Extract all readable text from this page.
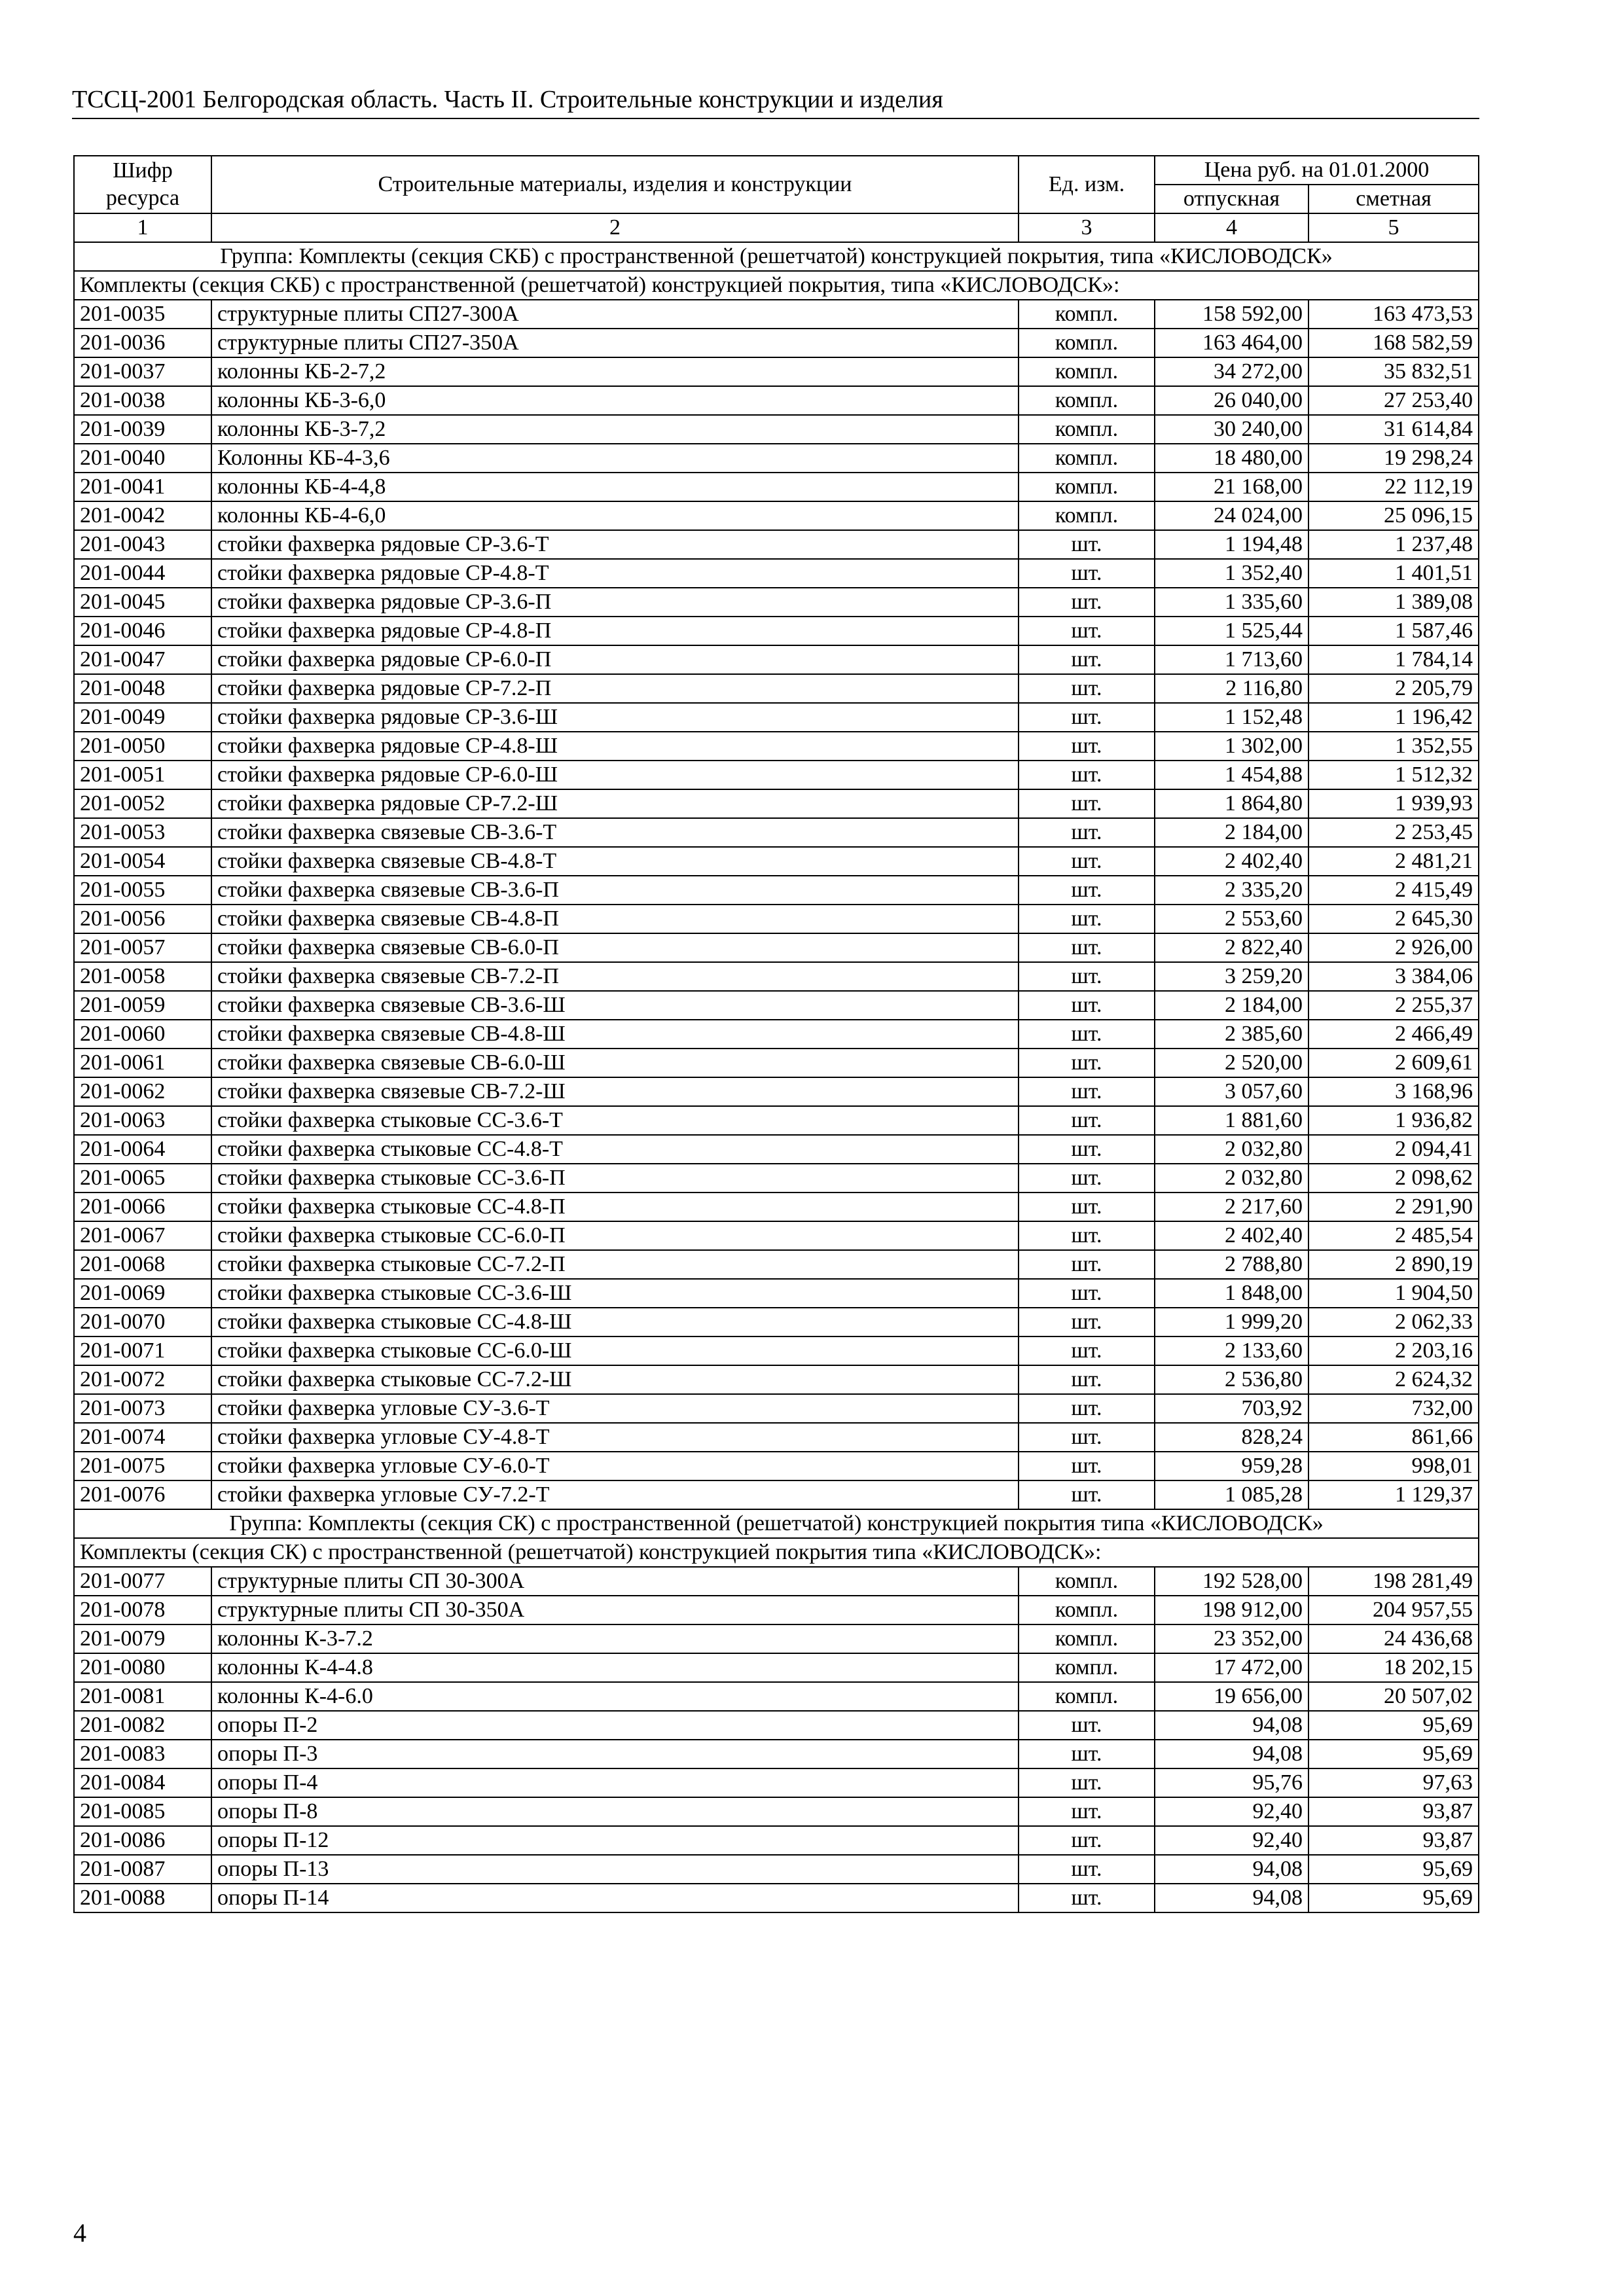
ТССЦ-2001 Белгородская область. Часть II. Строительные конструкции и изделия
Шифр ресурса	Строительные материалы, изделия и конструкции	Ед. изм.	Цена руб. на 01.01.2000	
			отпускная	сметная
1	2	3	4	5
Группа: Комплекты (секция СКБ) с пространственной (решетчатой) конструкцией покрытия, типа «КИСЛОВОДСК»				
Комплекты (секция СКБ) с пространственной (решетчатой) конструкцией покрытия, типа «КИСЛОВОДСК»:				
201-0035	структурные плиты СП27-300А	компл.	158 592,00	163 473,53
201-0036	структурные плиты СП27-350А	компл.	163 464,00	168 582,59
201-0037	колонны КБ-2-7,2	компл.	34 272,00	35 832,51
201-0038	колонны КБ-3-6,0	компл.	26 040,00	27 253,40
201-0039	колонны КБ-3-7,2	компл.	30 240,00	31 614,84
201-0040	Колонны КБ-4-3,6	компл.	18 480,00	19 298,24
201-0041	колонны КБ-4-4,8	компл.	21 168,00	22 112,19
201-0042	колонны КБ-4-6,0	компл.	24 024,00	25 096,15
201-0043	стойки фахверка рядовые СР-3.6-Т	шт.	1 194,48	1 237,48
201-0044	стойки фахверка рядовые СР-4.8-Т	шт.	1 352,40	1 401,51
201-0045	стойки фахверка рядовые СР-3.6-П	шт.	1 335,60	1 389,08
201-0046	стойки фахверка рядовые СР-4.8-П	шт.	1 525,44	1 587,46
201-0047	стойки фахверка рядовые СР-6.0-П	шт.	1 713,60	1 784,14
201-0048	стойки фахверка рядовые СР-7.2-П	шт.	2 116,80	2 205,79
201-0049	стойки фахверка рядовые СР-3.6-Ш	шт.	1 152,48	1 196,42
201-0050	стойки фахверка рядовые СР-4.8-Ш	шт.	1 302,00	1 352,55
201-0051	стойки фахверка рядовые СР-6.0-Ш	шт.	1 454,88	1 512,32
201-0052	стойки фахверка рядовые СР-7.2-Ш	шт.	1 864,80	1 939,93
201-0053	стойки фахверка связевые СВ-3.6-Т	шт.	2 184,00	2 253,45
201-0054	стойки фахверка связевые СВ-4.8-Т	шт.	2 402,40	2 481,21
201-0055	стойки фахверка связевые СВ-3.6-П	шт.	2 335,20	2 415,49
201-0056	стойки фахверка связевые СВ-4.8-П	шт.	2 553,60	2 645,30
201-0057	стойки фахверка связевые СВ-6.0-П	шт.	2 822,40	2 926,00
201-0058	стойки фахверка связевые СВ-7.2-П	шт.	3 259,20	3 384,06
201-0059	стойки фахверка связевые СВ-3.6-Ш	шт.	2 184,00	2 255,37
201-0060	стойки фахверка связевые СВ-4.8-Ш	шт.	2 385,60	2 466,49
201-0061	стойки фахверка связевые СВ-6.0-Ш	шт.	2 520,00	2 609,61
201-0062	стойки фахверка связевые СВ-7.2-Ш	шт.	3 057,60	3 168,96
201-0063	стойки фахверка стыковые СС-3.6-Т	шт.	1 881,60	1 936,82
201-0064	стойки фахверка стыковые СС-4.8-Т	шт.	2 032,80	2 094,41
201-0065	стойки фахверка стыковые СС-3.6-П	шт.	2 032,80	2 098,62
201-0066	стойки фахверка стыковые СС-4.8-П	шт.	2 217,60	2 291,90
201-0067	стойки фахверка стыковые СС-6.0-П	шт.	2 402,40	2 485,54
201-0068	стойки фахверка стыковые СС-7.2-П	шт.	2 788,80	2 890,19
201-0069	стойки фахверка стыковые СС-3.6-Ш	шт.	1 848,00	1 904,50
201-0070	стойки фахверка стыковые СС-4.8-Ш	шт.	1 999,20	2 062,33
201-0071	стойки фахверка стыковые СС-6.0-Ш	шт.	2 133,60	2 203,16
201-0072	стойки фахверка стыковые СС-7.2-Ш	шт.	2 536,80	2 624,32
201-0073	стойки фахверка угловые СУ-3.6-Т	шт.	703,92	732,00
201-0074	стойки фахверка угловые СУ-4.8-Т	шт.	828,24	861,66
201-0075	стойки фахверка угловые СУ-6.0-Т	шт.	959,28	998,01
201-0076	стойки фахверка угловые СУ-7.2-Т	шт.	1 085,28	1 129,37
Группа: Комплекты (секция СК) с пространственной (решетчатой) конструкцией покрытия типа «КИСЛОВОДСК»				
Комплекты (секция СК) с пространственной (решетчатой) конструкцией покрытия типа «КИСЛОВОДСК»:				
201-0077	структурные плиты СП 30-300А	компл.	192 528,00	198 281,49
201-0078	структурные плиты СП 30-350А	компл.	198 912,00	204 957,55
201-0079	колонны К-3-7.2	компл.	23 352,00	24 436,68
201-0080	колонны К-4-4.8	компл.	17 472,00	18 202,15
201-0081	колонны К-4-6.0	компл.	19 656,00	20 507,02
201-0082	опоры П-2	шт.	94,08	95,69
201-0083	опоры П-3	шт.	94,08	95,69
201-0084	опоры П-4	шт.	95,76	97,63
201-0085	опоры П-8	шт.	92,40	93,87
201-0086	опоры П-12	шт.	92,40	93,87
201-0087	опоры П-13	шт.	94,08	95,69
201-0088	опоры П-14	шт.	94,08	95,69
4
